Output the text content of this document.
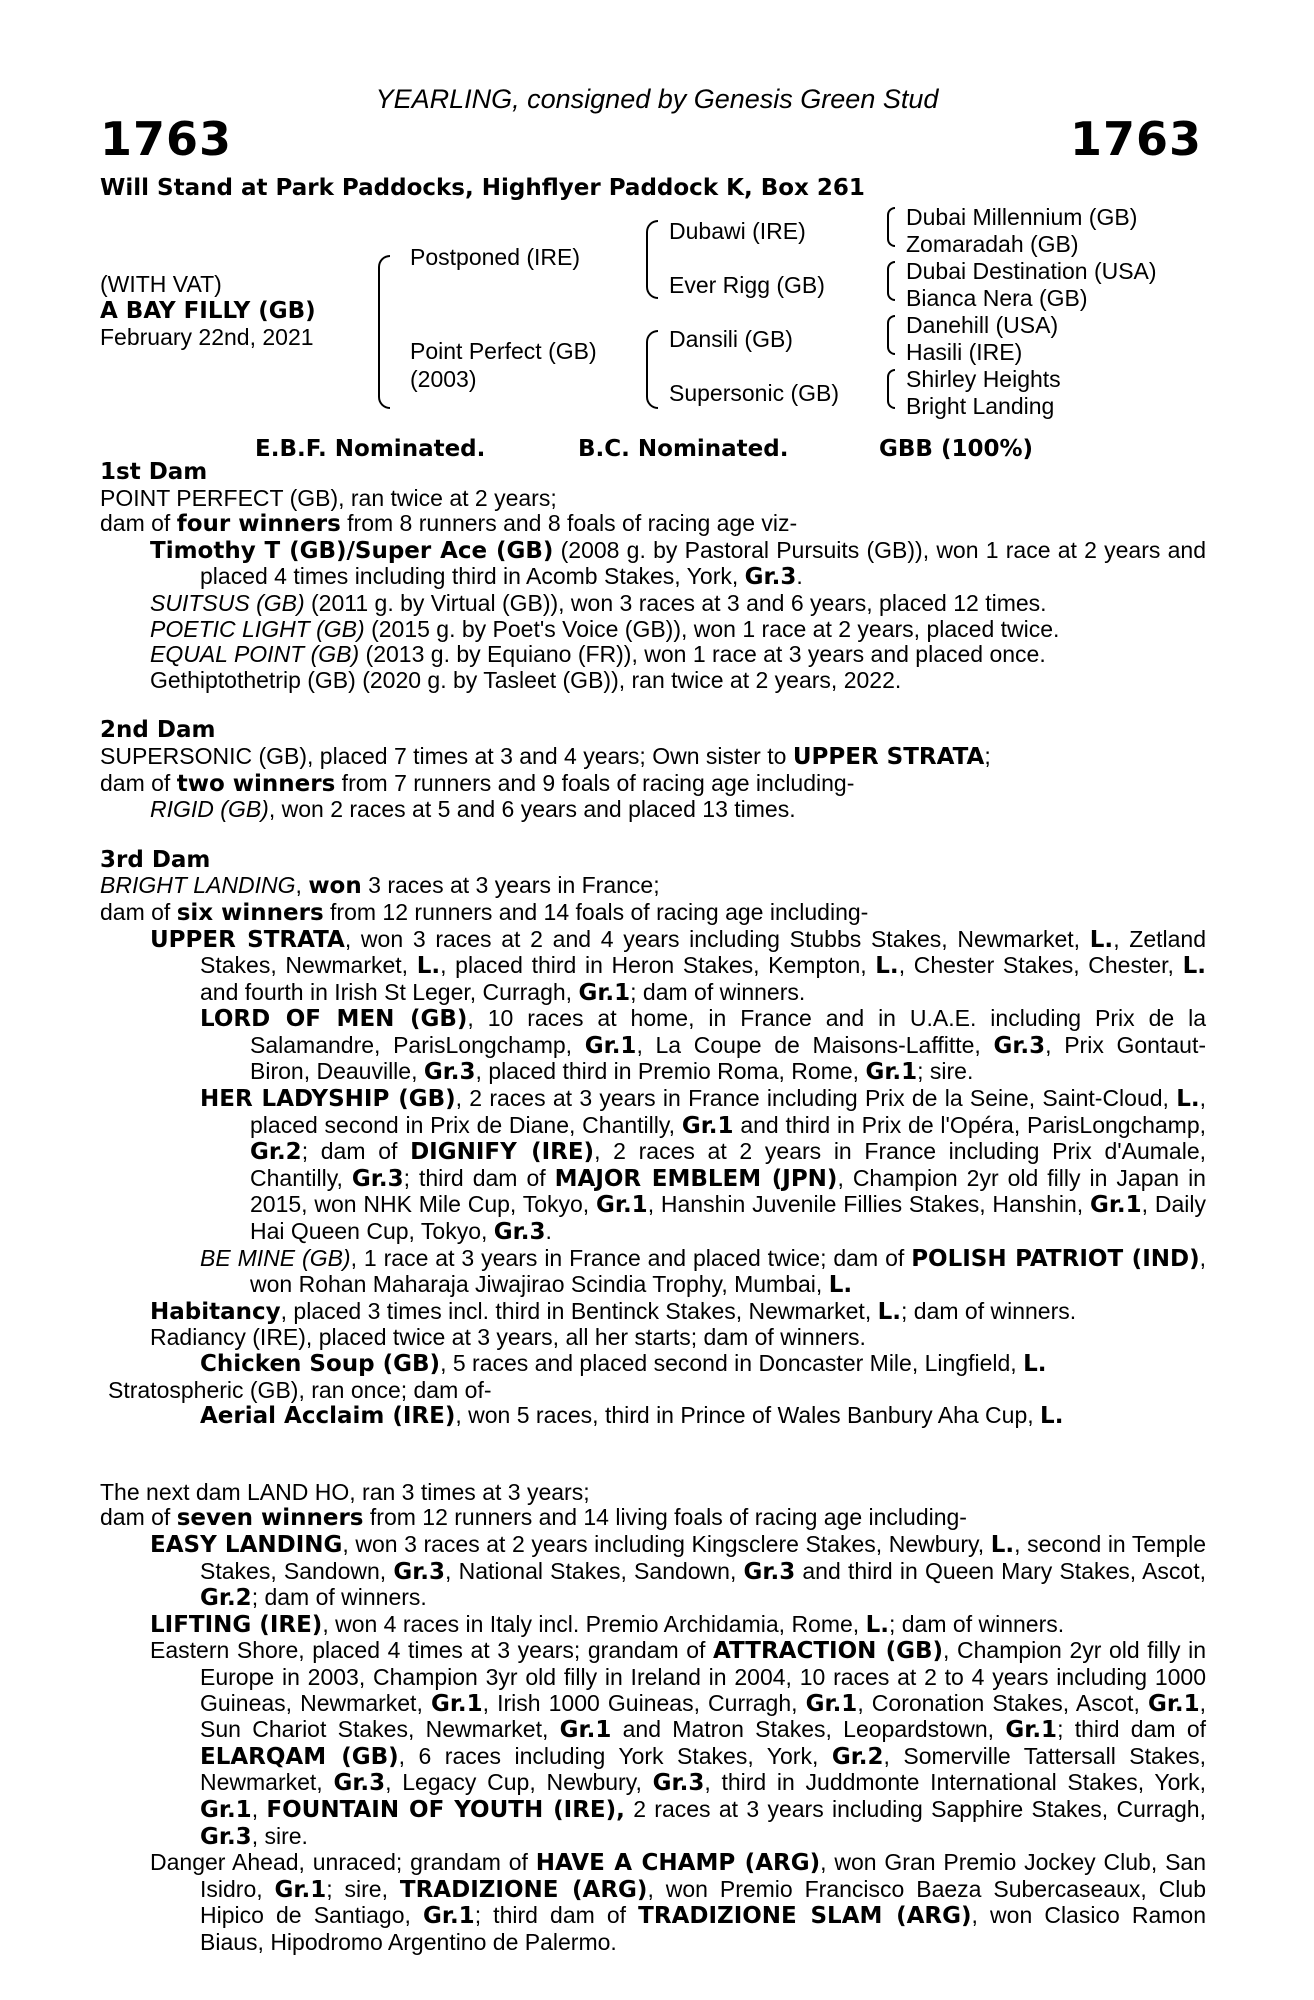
YEARLING, consigned by Genesis Green Stud
1763	1763
Will Stand at Park Paddocks, Highflyer Paddock K, Box 261
(WITH VAT)
A BAY FILLY (GB)
February 22nd, 2021
Postponed (IRE)
Point Perfect (GB)
(2003)
Dubawi (IRE)
Ever Rigg (GB)
Dansili (GB)
Supersonic (GB)
Dubai Millennium (GB)
Zomaradah (GB)
Dubai Destination (USA)
Bianca Nera (GB)
Danehill (USA)
Hasili (IRE)
Shirley Heights
Bright Landing
E.B.F. Nominated.	B.C. Nominated.	GBB (100%)

1st Dam

POINT PERFECT (GB), ran twice at 2 years;

dam of four winners from 8 runners and 8 foals of racing age viz-

Timothy T (GB)/Super Ace (GB) (2008 g. by Pastoral Pursuits (GB)), won 1 race at 2 years and placed 4 times including third in Acomb Stakes, York, Gr.3.

SUITSUS (GB) (2011 g. by Virtual (GB)), won 3 races at 3 and 6 years, placed 12 times.

POETIC LIGHT (GB) (2015 g. by Poet's Voice (GB)), won 1 race at 2 years, placed twice.

EQUAL POINT (GB) (2013 g. by Equiano (FR)), won 1 race at 3 years and placed once.

Gethiptothetrip (GB) (2020 g. by Tasleet (GB)), ran twice at 2 years, 2022.

2nd Dam

SUPERSONIC (GB), placed 7 times at 3 and 4 years; Own sister to UPPER STRATA;

dam of two winners from 7 runners and 9 foals of racing age including-

RIGID (GB), won 2 races at 5 and 6 years and placed 13 times.

3rd Dam

BRIGHT LANDING, won 3 races at 3 years in France;

dam of six winners from 12 runners and 14 foals of racing age including-

UPPER STRATA, won 3 races at 2 and 4 years including Stubbs Stakes, Newmarket, L., Zetland Stakes, Newmarket, L., placed third in Heron Stakes, Kempton, L., Chester Stakes, Chester, L. and fourth in Irish St Leger, Curragh, Gr.1; dam of winners.

LORD OF MEN (GB), 10 races at home, in France and in U.A.E. including Prix de la Salamandre, ParisLongchamp, Gr.1, La Coupe de Maisons-Laffitte, Gr.3, Prix Gontaut-Biron, Deauville, Gr.3, placed third in Premio Roma, Rome, Gr.1; sire.

HER LADYSHIP (GB), 2 races at 3 years in France including Prix de la Seine, Saint-Cloud, L., placed second in Prix de Diane, Chantilly, Gr.1 and third in Prix de l'Opéra, ParisLongchamp, Gr.2; dam of DIGNIFY (IRE), 2 races at 2 years in France including Prix d'Aumale, Chantilly, Gr.3; third dam of MAJOR EMBLEM (JPN), Champion 2yr old filly in Japan in 2015, won NHK Mile Cup, Tokyo, Gr.1, Hanshin Juvenile Fillies Stakes, Hanshin, Gr.1, Daily Hai Queen Cup, Tokyo, Gr.3.

BE MINE (GB), 1 race at 3 years in France and placed twice; dam of POLISH PATRIOT (IND), won Rohan Maharaja Jiwajirao Scindia Trophy, Mumbai, L.

Habitancy, placed 3 times incl. third in Bentinck Stakes, Newmarket, L.; dam of winners.

Radiancy (IRE), placed twice at 3 years, all her starts; dam of winners.

Chicken Soup (GB), 5 races and placed second in Doncaster Mile, Lingfield, L.

Stratospheric (GB), ran once; dam of-

Aerial Acclaim (IRE), won 5 races, third in Prince of Wales Banbury Aha Cup, L.

The next dam LAND HO, ran 3 times at 3 years;

dam of seven winners from 12 runners and 14 living foals of racing age including-

EASY LANDING, won 3 races at 2 years including Kingsclere Stakes, Newbury, L., second in Temple Stakes, Sandown, Gr.3, National Stakes, Sandown, Gr.3 and third in Queen Mary Stakes, Ascot, Gr.2; dam of winners.

LIFTING (IRE), won 4 races in Italy incl. Premio Archidamia, Rome, L.; dam of winners.

Eastern Shore, placed 4 times at 3 years; grandam of ATTRACTION (GB), Champion 2yr old filly in Europe in 2003, Champion 3yr old filly in Ireland in 2004, 10 races at 2 to 4 years including 1000 Guineas, Newmarket, Gr.1, Irish 1000 Guineas, Curragh, Gr.1, Coronation Stakes, Ascot, Gr.1, Sun Chariot Stakes, Newmarket, Gr.1 and Matron Stakes, Leopardstown, Gr.1; third dam of ELARQAM (GB), 6 races including York Stakes, York, Gr.2, Somerville Tattersall Stakes, Newmarket, Gr.3, Legacy Cup, Newbury, Gr.3, third in Juddmonte International Stakes, York, Gr.1, FOUNTAIN OF YOUTH (IRE), 2 races at 3 years including Sapphire Stakes, Curragh, Gr.3, sire.

Danger Ahead, unraced; grandam of HAVE A CHAMP (ARG), won Gran Premio Jockey Club, San Isidro, Gr.1; sire, TRADIZIONE (ARG), won Premio Francisco Baeza Subercaseaux, Club Hipico de Santiago, Gr.1; third dam of TRADIZIONE SLAM (ARG), won Clasico Ramon Biaus, Hipodromo Argentino de Palermo.
